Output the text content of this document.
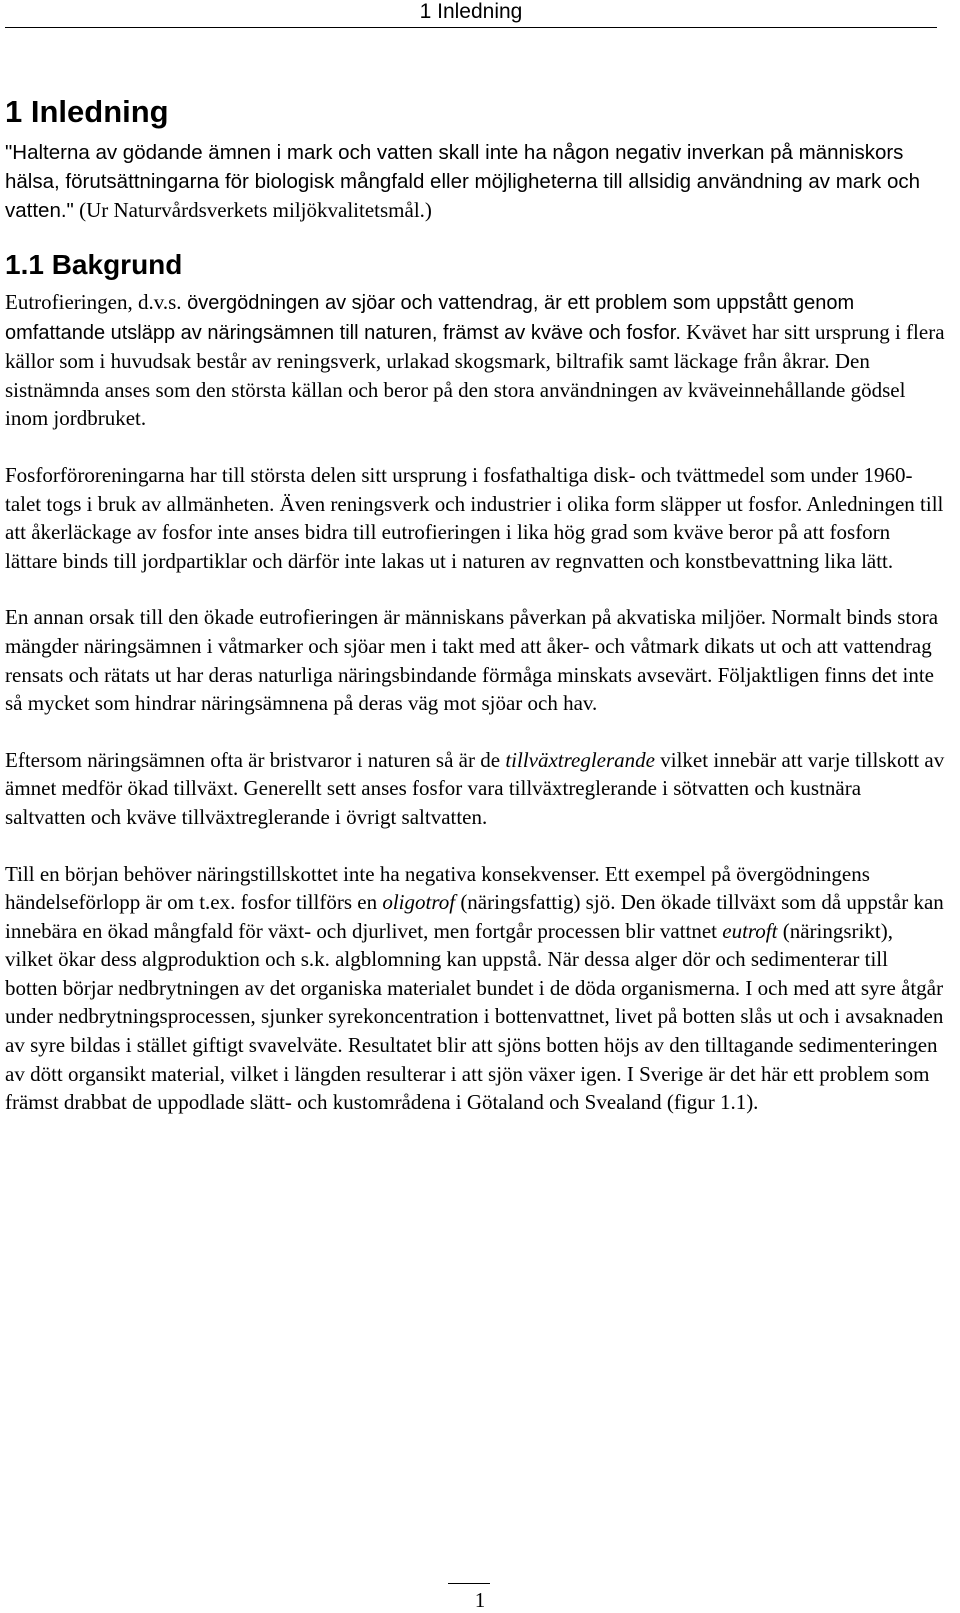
1 Inledning
1 Inledning

"Halterna av gödande ämnen i mark och vatten skall inte ha någon negativ inverkan på människors hälsa, förutsättningarna för biologisk mångfald eller möjligheterna till allsidig användning av mark och vatten." (Ur Naturvårdsverkets miljökvalitetsmål.)

1.1 Bakgrund

Eutrofieringen, d.v.s. övergödningen av sjöar och vattendrag, är ett problem som uppstått genom omfattande utsläpp av näringsämnen till naturen, främst av kväve och fosfor. Kvävet har sitt ursprung i flera källor som i huvudsak består av reningsverk, urlakad skogsmark, biltrafik samt läckage från åkrar. Den sistnämnda anses som den största källan och beror på den stora användningen av kväveinnehållande gödsel inom jordbruket.

Fosforföroreningarna har till största delen sitt ursprung i fosfathaltiga disk- och tvättmedel som under 1960-talet togs i bruk av allmänheten. Även reningsverk och industrier i olika form släpper ut fosfor. Anledningen till att åkerläckage av fosfor inte anses bidra till eutrofieringen i lika hög grad som kväve beror på att fosforn lättare binds till jordpartiklar och därför inte lakas ut i naturen av regnvatten och konstbevattning lika lätt.

En annan orsak till den ökade eutrofieringen är människans påverkan på akvatiska miljöer. Normalt binds stora mängder näringsämnen i våtmarker och sjöar men i takt med att åker- och våtmark dikats ut och att vattendrag rensats och rätats ut har deras naturliga näringsbindande förmåga minskats avsevärt. Följaktligen finns det inte så mycket som hindrar näringsämnena på deras väg mot sjöar och hav.

Eftersom näringsämnen ofta är bristvaror i naturen så är de tillväxtreglerande vilket innebär att varje tillskott av ämnet medför ökad tillväxt. Generellt sett anses fosfor vara tillväxtreglerande i sötvatten och kustnära saltvatten och kväve tillväxtreglerande i övrigt saltvatten.

Till en början behöver näringstillskottet inte ha negativa konsekvenser. Ett exempel på övergödningens händelseförlopp är om t.ex. fosfor tillförs en oligotrof (näringsfattig) sjö. Den ökade tillväxt som då uppstår kan innebära en ökad mångfald för växt- och djurlivet, men fortgår processen blir vattnet eutroft (näringsrikt), vilket ökar dess algproduktion och s.k. algblomning kan uppstå. När dessa alger dör och sedimenterar till botten börjar nedbrytningen av det organiska materialet bundet i de döda organismerna. I och med att syre åtgår under nedbrytningsprocessen, sjunker syrekoncentration i bottenvattnet, livet på botten slås ut och i avsaknaden av syre bildas i stället giftigt svavelväte. Resultatet blir att sjöns botten höjs av den tilltagande sedimenteringen av dött organsikt material, vilket i längden resulterar i att sjön växer igen. I Sverige är det här ett problem som främst drabbat de uppodlade slätt- och kustområdena i Götaland och Svealand (figur 1.1).

1
